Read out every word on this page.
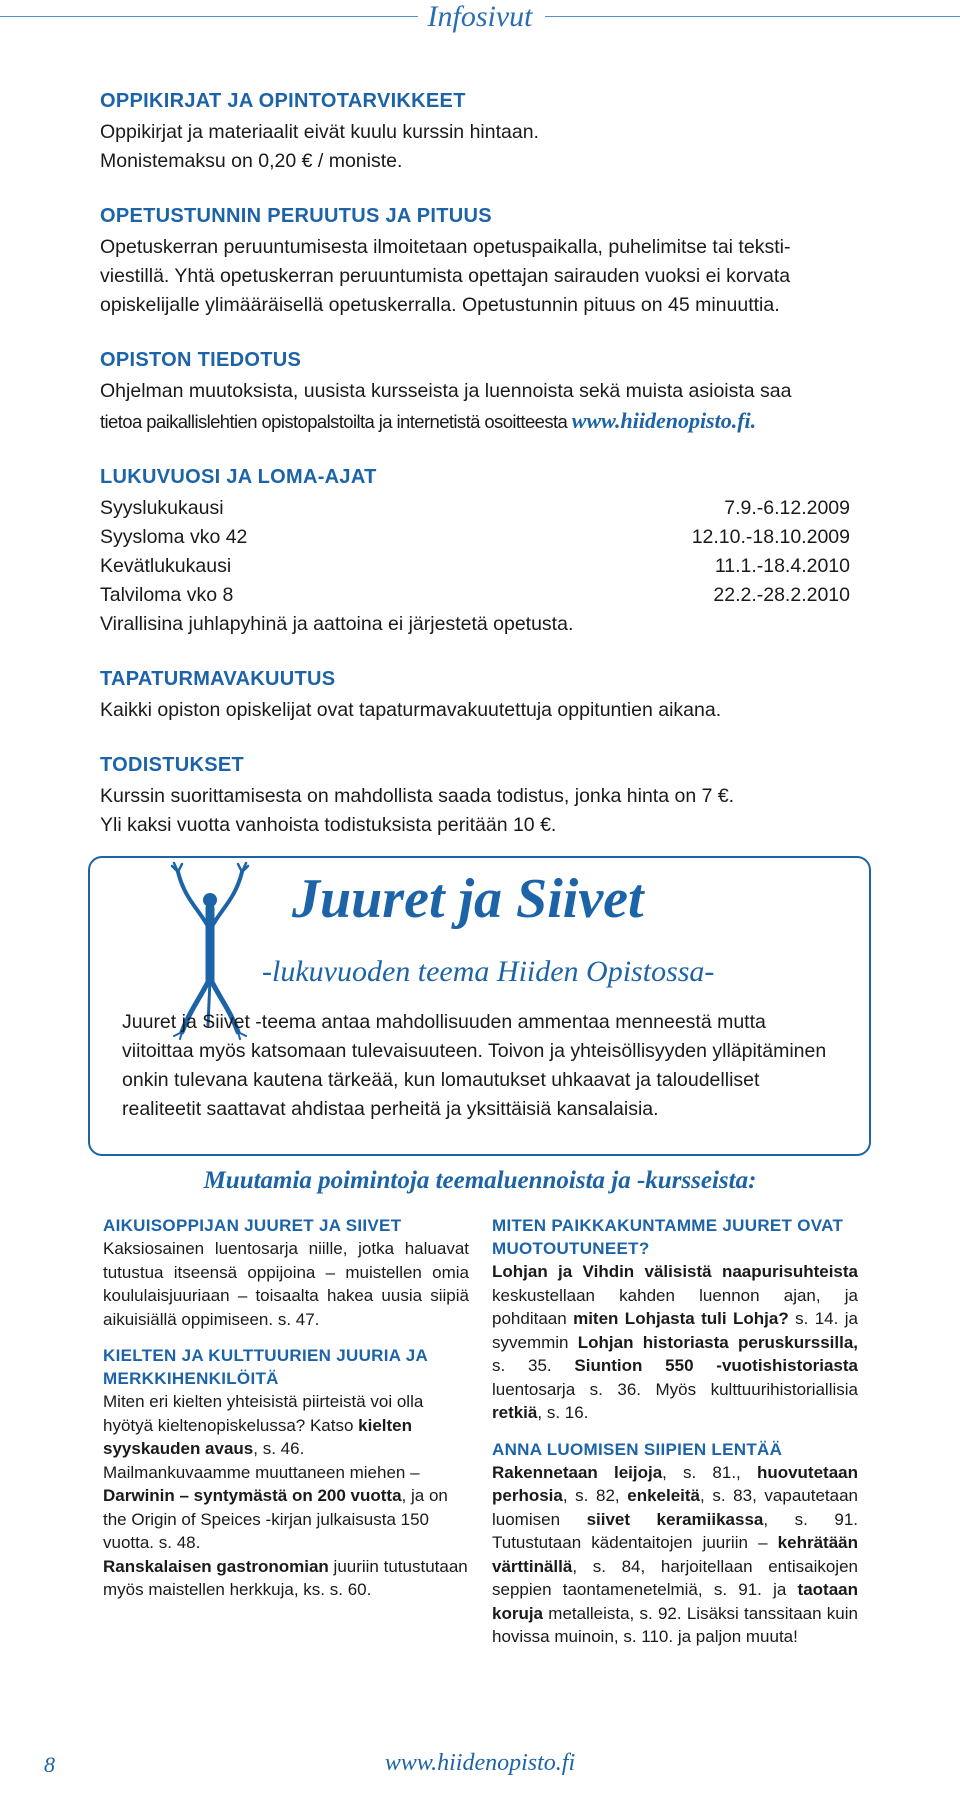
Infosivut
OPPIKIRJAT JA OPINTOTARVIKKEET

Oppikirjat ja materiaalit eivät kuulu kurssin hintaan.
Monistemaksu on 0,20 € / moniste.

OPETUSTUNNIN PERUUTUS JA PITUUS

Opetuskerran peruuntumisesta ilmoitetaan opetuspaikalla, puhelimitse tai teksti-
viestillä. Yhtä opetuskerran peruuntumista opettajan sairauden vuoksi ei korvata
opiskelijalle ylimääräisellä opetuskerralla. Opetustunnin pituus on 45 minuuttia.

OPISTON TIEDOTUS

Ohjelman muutoksista, uusista kursseista ja luennoista sekä muista asioista saa
tietoa paikallislehtien opistopalstoilta ja internetistä osoitteesta www.hiidenopisto.fi.

LUKUVUOSI JA LOMA-AJAT
Syyslukukausi	7.9.-6.12.2009
Syysloma vko 42	12.10.-18.10.2009
Kevätlukukausi	11.1.-18.4.2010
Talviloma vko 8	22.2.-28.2.2010

Virallisina juhlapyhinä ja aattoina ei järjestetä opetusta.

TAPATURMAVAKUUTUS

Kaikki opiston opiskelijat ovat tapaturmavakuutettuja oppituntien aikana.

TODISTUKSET

Kurssin suorittamisesta on mahdollista saada todistus, jonka hinta on 7 €.
Yli kaksi vuotta vanhoista todistuksista peritään 10 €.

Juuret ja Siivet
-lukuvuoden teema Hiiden Opistossa-

Juuret ja Siivet -teema antaa mahdollisuuden ammentaa menneestä mutta viitoittaa myös katsomaan tulevaisuuteen. Toivon ja yhteisöllisyyden ylläpitäminen onkin tulevana kautena tärkeää, kun lomautukset uhkaavat ja taloudelliset realiteetit saattavat ahdistaa perheitä ja yksittäisiä kansalaisia.

Muutamia poimintoja teemaluennoista ja -kursseista:
AIKUISOPPIJAN JUURET JA SIIVET

Kaksiosainen luentosarja niille, jotka haluavat tutustua itseensä oppijoina – muistellen omia koululaisjuuriaan – toisaalta hakea uusia siipiä aikuisiällä oppimiseen. s. 47.

KIELTEN JA KULTTUURIEN JUURIA JA MERKKIHENKILÖITÄ

Miten eri kielten yhteisistä piirteistä voi olla hyötyä kieltenopiskelussa? Katso kielten syyskauden avaus, s. 46.
Mailmankuvaamme muuttaneen miehen – Darwinin – syntymästä on 200 vuotta, ja on the Origin of Speices -kirjan julkaisusta 150 vuotta. s. 48.
Ranskalaisen gastronomian juuriin tutustutaan myös maistellen herkkuja, ks. s. 60.

MITEN PAIKKAKUNTAMME JUURET OVAT MUOTOUTUNEET?

Lohjan ja Vihdin välisistä naapurisuhteista keskustellaan kahden luennon ajan, ja pohditaan miten Lohjasta tuli Lohja? s. 14. ja syvemmin Lohjan historiasta peruskurssilla, s. 35. Siuntion 550 -vuotishistoriasta luentosarja s. 36. Myös kulttuurihistoriallisia retkiä, s. 16.

ANNA LUOMISEN SIIPIEN LENTÄÄ

Rakennetaan leijoja, s. 81., huovutetaan perhosia, s. 82, enkeleitä, s. 83, vapautetaan luomisen siivet keramiikassa, s. 91. Tutustutaan kädentaitojen juuriin – kehrätään värttinällä, s. 84, harjoitellaan entisaikojen seppien taontamenetelmiä, s. 91. ja taotaan koruja metalleista, s. 92. Lisäksi tanssitaan kuin hovissa muinoin, s. 110. ja paljon muuta!

8	www.hiidenopisto.fi
